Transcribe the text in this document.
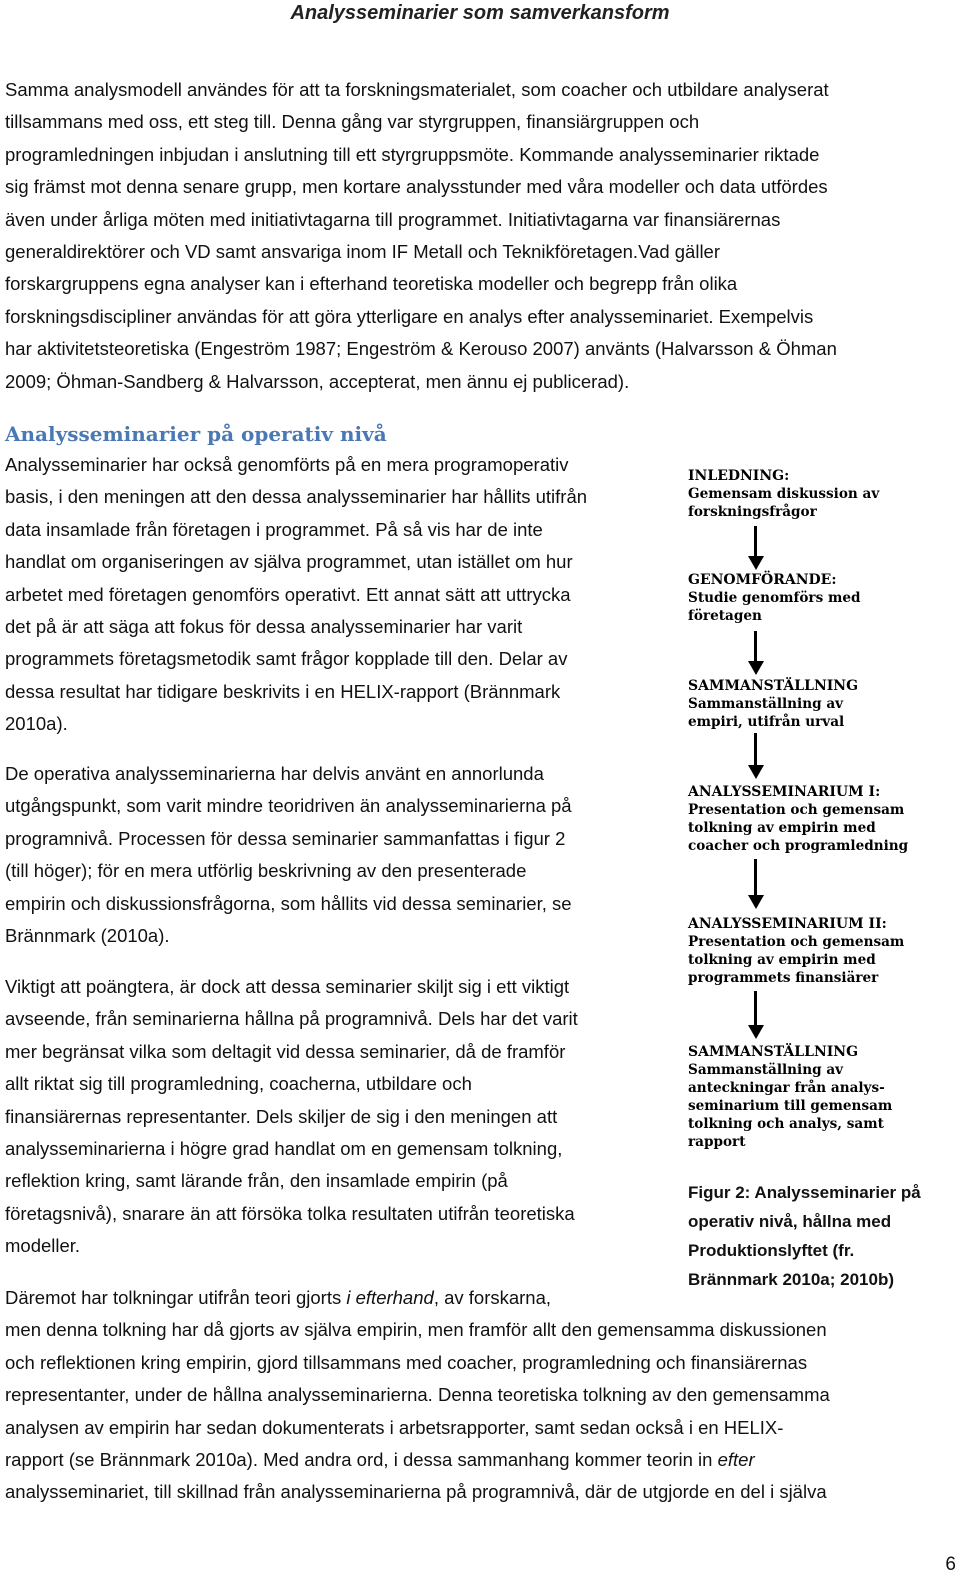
Analysseminarier som samverkansform
Samma analysmodell användes för att ta forskningsmaterialet, som coacher och utbildare analyserat
tillsammans med oss, ett steg till. Denna gång var styrgruppen, finansiärgruppen och
programledningen inbjudan i anslutning till ett styrgruppsmöte. Kommande analysseminarier riktade
sig främst mot denna senare grupp, men kortare analysstunder med våra modeller och data utfördes
även under årliga möten med initiativtagarna till programmet. Initiativtagarna var finansiärernas
generaldirektörer och VD samt ansvariga inom IF Metall och Teknikföretagen.Vad gäller
forskargruppens egna analyser kan i efterhand teoretiska modeller och begrepp från olika
forskningsdiscipliner användas för att göra ytterligare en analys efter analysseminariet. Exempelvis
har aktivitetsteoretiska (Engeström 1987; Engeström & Kerouso 2007) använts (Halvarsson & Öhman
2009; Öhman-Sandberg & Halvarsson, accepterat, men ännu ej publicerad).
Analysseminarier på operativ nivå
Analysseminarier har också genomförts på en mera programoperativ
basis, i den meningen att den dessa analysseminarier har hållits utifrån
data insamlade från företagen i programmet. På så vis har de inte
handlat om organiseringen av själva programmet, utan istället om hur
arbetet med företagen genomförs operativt. Ett annat sätt att uttrycka
det på är att säga att fokus för dessa analysseminarier har varit
programmets företagsmetodik samt frågor kopplade till den. Delar av
dessa resultat har tidigare beskrivits i en HELIX-rapport (Brännmark
2010a).
De operativa analysseminarierna har delvis använt en annorlunda
utgångspunkt, som varit mindre teoridriven än analysseminarierna på
programnivå. Processen för dessa seminarier sammanfattas i figur 2
(till höger); för en mera utförlig beskrivning av den presenterade
empirin och diskussionsfrågorna, som hållits vid dessa seminarier, se
Brännmark (2010a).
Viktigt att poängtera, är dock att dessa seminarier skiljt sig i ett viktigt
avseende, från seminarierna hållna på programnivå. Dels har det varit
mer begränsat vilka som deltagit vid dessa seminarier, då de framför
allt riktat sig till programledning, coacherna, utbildare och
finansiärernas representanter. Dels skiljer de sig i den meningen att
analysseminarierna i högre grad handlat om en gemensam tolkning,
reflektion kring, samt lärande från, den insamlade empirin (på
företagsnivå), snarare än att försöka tolka resultaten utifrån teoretiska
modeller.
Däremot har tolkningar utifrån teori gjorts i efterhand, av forskarna,
men denna tolkning har då gjorts av själva empirin, men framför allt den gemensamma diskussionen
och reflektionen kring empirin, gjord tillsammans med coacher, programledning och finansiärernas
representanter, under de hållna analysseminarierna. Denna teoretiska tolkning av den gemensamma
analysen av empirin har sedan dokumenterats i arbetsrapporter, samt sedan också i en HELIX-
rapport (se Brännmark 2010a). Med andra ord, i dessa sammanhang kommer teorin in efter
analysseminariet, till skillnad från analysseminarierna på programnivå, där de utgjorde en del i själva
INLEDNING:
Gemensam diskussion av
forskningsfrågor
GENOMFÖRANDE:
Studie genomförs med
företagen
SAMMANSTÄLLNING
Sammanställning av
empiri, utifrån urval
ANALYSSEMINARIUM I:
Presentation och gemensam
tolkning av empirin med
coacher och programledning
ANALYSSEMINARIUM II:
Presentation och gemensam
tolkning av empirin med
programmets finansiärer
SAMMANSTÄLLNING
Sammanställning av
anteckningar från analys-
seminarium till gemensam
tolkning och analys, samt
rapport
Figur 2: Analysseminarier på
operativ nivå, hållna med
Produktionslyftet (fr.
Brännmark 2010a; 2010b)
6
